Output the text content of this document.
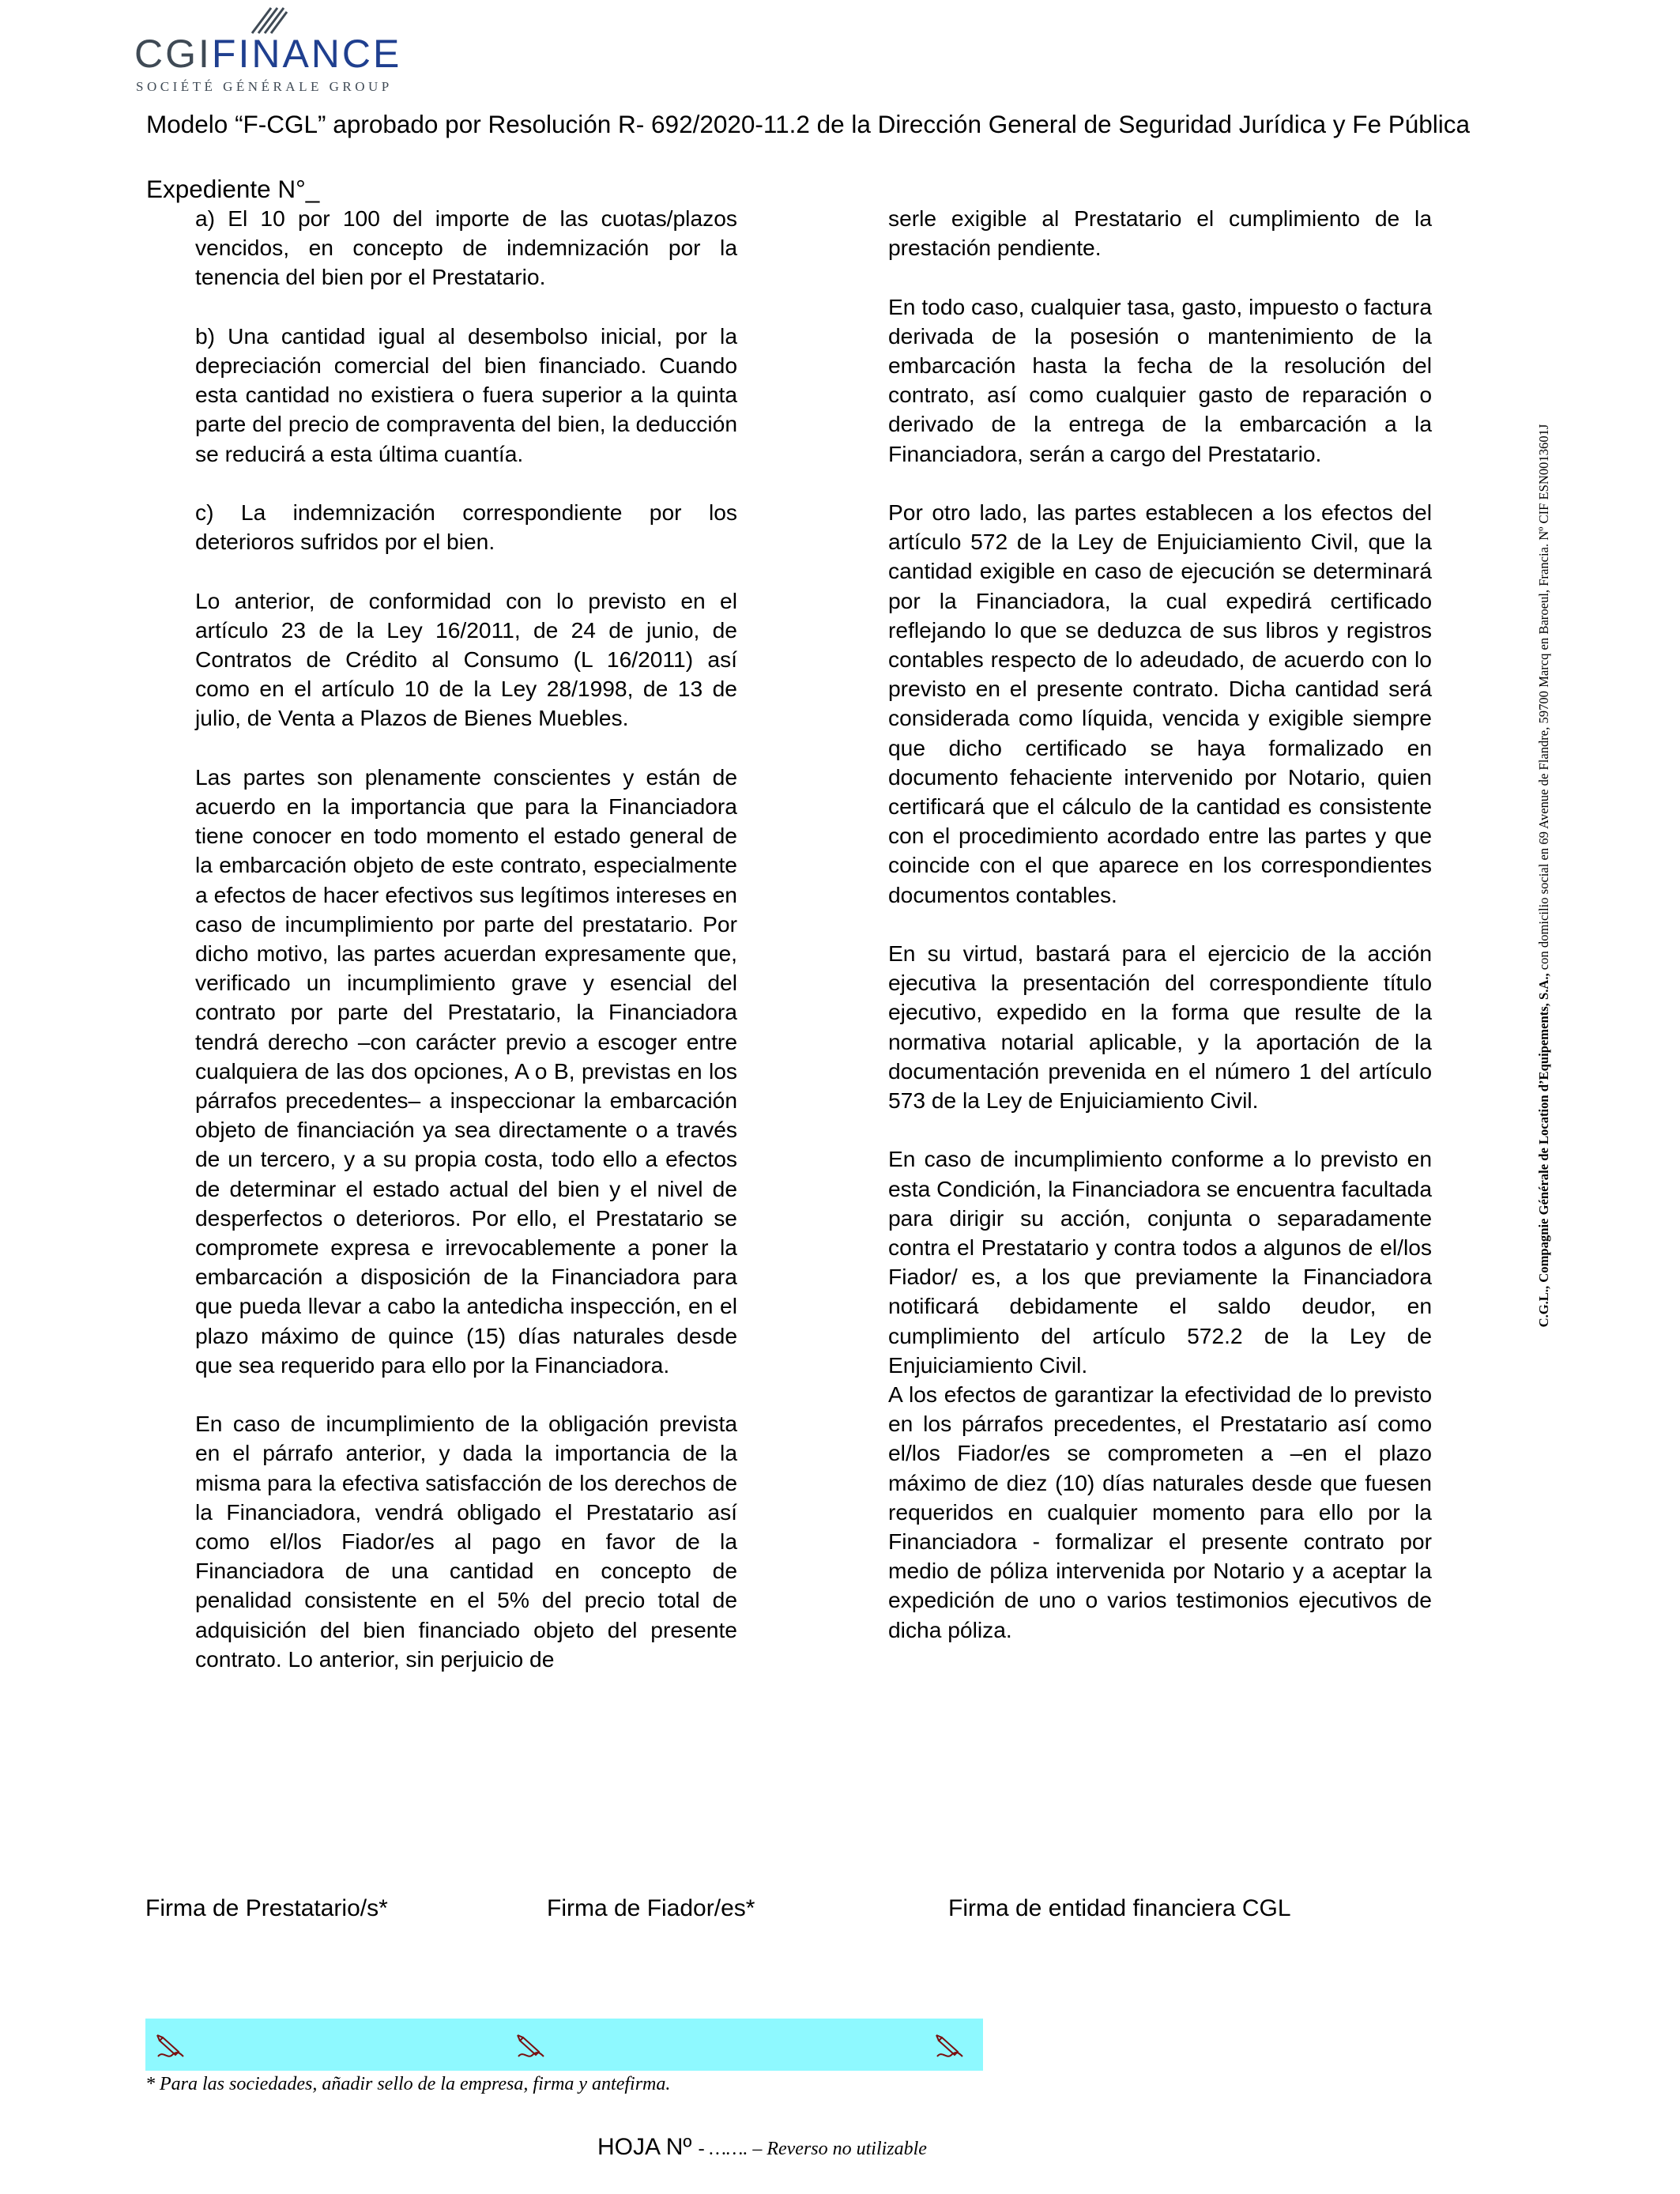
CGIFINANCE
SOCIÉTÉ GÉNÉRALE GROUP
Modelo “F-CGL” aprobado por Resolución R- 692/2020-11.2 de la Dirección General de Seguridad Jurídica y Fe Pública
Expediente N°_

a) El 10 por 100 del importe de las cuotas/plazos vencidos, en concepto de indemnización por la tenencia del bien por el Prestatario.

b) Una cantidad igual al desembolso inicial, por la depreciación comercial del bien financiado. Cuando esta cantidad no existiera o fuera superior a la quinta parte del precio de compraventa del bien, la deducción se reducirá a esta última cuantía.

c) La indemnización correspondiente por los deterioros sufridos por el bien.

Lo anterior, de conformidad con lo previsto en el artículo 23 de la Ley 16/2011, de 24 de junio, de Contratos de Crédito al Consumo (L 16/2011) así como en el artículo 10 de la Ley 28/1998, de 13 de julio, de Venta a Plazos de Bienes Muebles.

Las partes son plenamente conscientes y están de acuerdo en la importancia que para la Financiadora tiene conocer en todo momento el estado general de la embarcación objeto de este contrato, especialmente a efectos de hacer efectivos sus legítimos intereses en caso de incumplimiento por parte del prestatario. Por dicho motivo, las partes acuerdan expresamente que, verificado un incumplimiento grave y esencial del contrato por parte del Prestatario, la Financiadora tendrá derecho –con carácter previo a escoger entre cualquiera de las dos opciones, A o B, previstas en los párrafos precedentes– a inspeccionar la embarcación objeto de financiación ya sea directamente o a través de un tercero, y a su propia costa, todo ello a efectos de determinar el estado actual del bien y el nivel de desperfectos o deterioros. Por ello, el Prestatario se compromete expresa e irrevocablemente a poner la embarcación a disposición de la Financiadora para que pueda llevar a cabo la antedicha inspección, en el plazo máximo de quince (15) días naturales desde que sea requerido para ello por la Financiadora.

En caso de incumplimiento de la obligación prevista en el párrafo anterior, y dada la importancia de la misma para la efectiva satisfacción de los derechos de la Financiadora, vendrá obligado el Prestatario así como el/los Fiador/es al pago en favor de la Financiadora de una cantidad en concepto de penalidad consistente en el 5% del precio total de adquisición del bien financiado objeto del presente contrato. Lo anterior, sin perjuicio de

serle exigible al Prestatario el cumplimiento de la prestación pendiente.

En todo caso, cualquier tasa, gasto, impuesto o factura derivada de la posesión o mantenimiento de la embarcación hasta la fecha de la resolución del contrato, así como cualquier gasto de reparación o derivado de la entrega de la embarcación a la Financiadora, serán a cargo del Prestatario.

Por otro lado, las partes establecen a los efectos del artículo 572 de la Ley de Enjuiciamiento Civil, que la cantidad exigible en caso de ejecución se determinará por la Financiadora, la cual expedirá certificado reflejando lo que se deduzca de sus libros y registros contables respecto de lo adeudado, de acuerdo con lo previsto en el presente contrato. Dicha cantidad será considerada como líquida, vencida y exigible siempre que dicho certificado se haya formalizado en documento fehaciente intervenido por Notario, quien certificará que el cálculo de la cantidad es consistente con el procedimiento acordado entre las partes y que coincide con el que aparece en los correspondientes documentos contables.

En su virtud, bastará para el ejercicio de la acción ejecutiva la presentación del correspondiente título ejecutivo, expedido en la forma que resulte de la normativa notarial aplicable, y la aportación de la documentación prevenida en el número 1 del artículo 573 de la Ley de Enjuiciamiento Civil.

En caso de incumplimiento conforme a lo previsto en esta Condición, la Financiadora se encuentra facultada para dirigir su acción, conjunta o separadamente contra el Prestatario y contra todos a algunos de el/los Fiador/ es, a los que previamente la Financiadora notificará debidamente el saldo deudor, en cumplimiento del artículo 572.2 de la Ley de Enjuiciamiento Civil.

A los efectos de garantizar la efectividad de lo previsto en los párrafos precedentes, el Prestatario así como el/los Fiador/es se comprometen a –en el plazo máximo de diez (10) días naturales desde que fuesen requeridos en cualquier momento para ello por la Financiadora - formalizar el presente contrato por medio de póliza intervenida por Notario y a aceptar la expedición de uno o varios testimonios ejecutivos de dicha póliza.

C.G.L., Compagnie Générale de Location d’Equipements, S.A., con domicilio social en 69 Avenue de Flandre, 59700 Marcq en Baroeul, Francia. Nº CIF ESN0013601J
Firma de Prestatario/s*	Firma de Fiador/es*	Firma de entidad financiera CGL
* Para las sociedades, añadir sello de la empresa, firma y antefirma.
HOJA Nº - ……. – Reverso no utilizable
